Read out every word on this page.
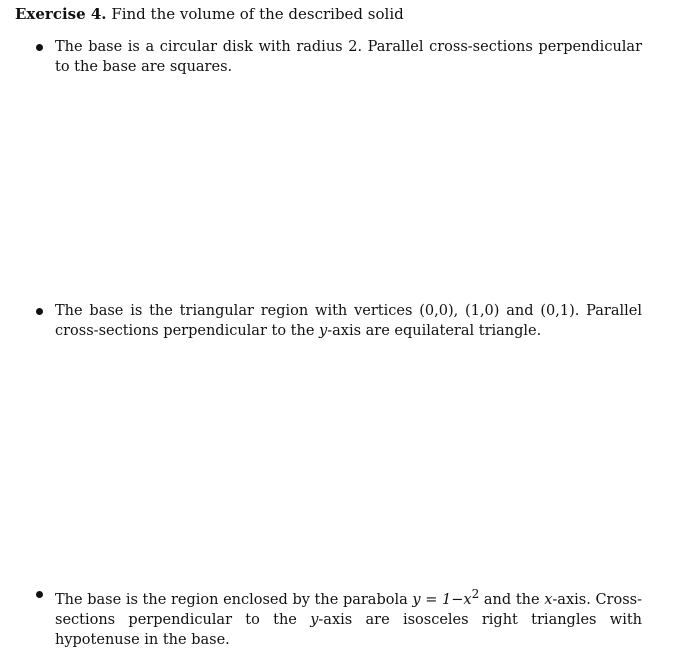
Exercise 4. Find the volume of the described solid
The base is a circular disk with radius 2. Parallel cross-sections perpendicular to the base are squares.
The base is the triangular region with vertices (0,0), (1,0) and (0,1). Parallel cross-sections perpendicular to the y-axis are equilateral triangle.
The base is the region enclosed by the parabola $y = 1-x^2$ and the x-axis. Cross-sections perpendicular to the y-axis are isosceles right triangles with hypotenuse in the base.
